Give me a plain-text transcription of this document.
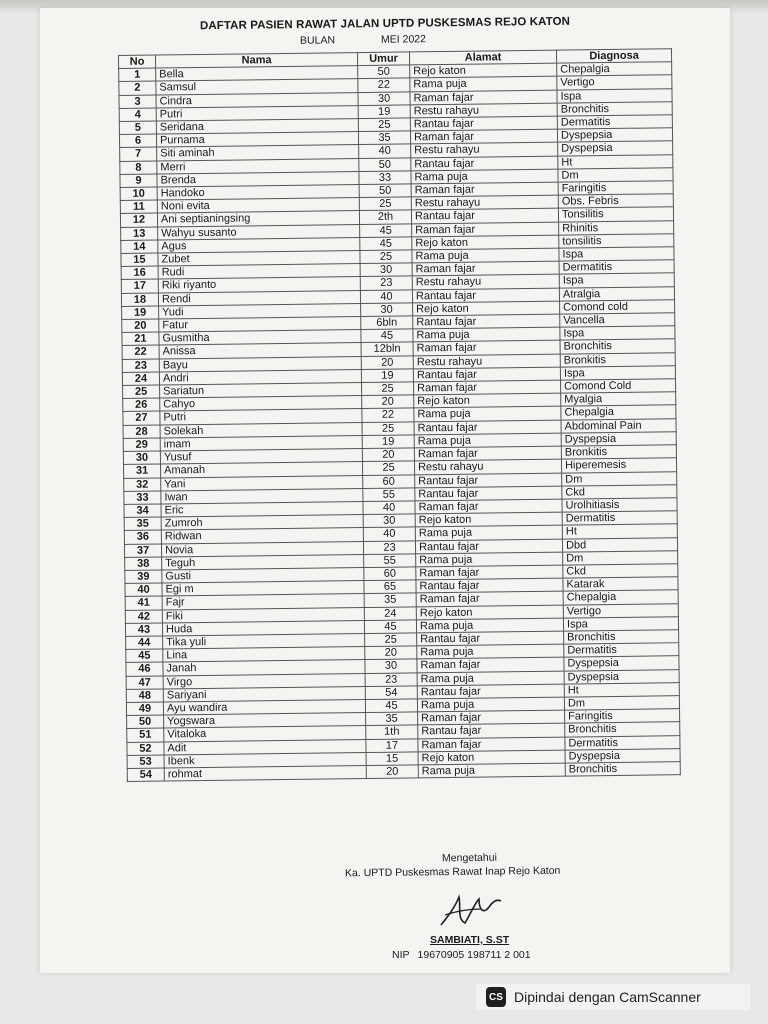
DAFTAR PASIEN RAWAT JALAN UPTD PUSKESMAS REJO KATON
BULAN	MEI 2022
No	Nama	Umur	Alamat	Diagnosa
1	Bella	50	Rejo katon	Chepalgia
2	Samsul	22	Rama puja	Vertigo
3	Cindra	30	Raman fajar	Ispa
4	Putri	19	Restu rahayu	Bronchitis
5	Seridana	25	Rantau fajar	Dermatitis
6	Purnama	35	Raman fajar	Dyspepsia
7	Siti aminah	40	Restu rahayu	Dyspepsia
8	Merri	50	Rantau fajar	Ht
9	Brenda	33	Rama puja	Dm
10	Handoko	50	Raman fajar	Faringitis
11	Noni evita	25	Restu rahayu	Obs. Febris
12	Ani septianingsing	2th	Rantau fajar	Tonsilitis
13	Wahyu susanto	45	Raman fajar	Rhinitis
14	Agus	45	Rejo katon	tonsilitis
15	Zubet	25	Rama puja	Ispa
16	Rudi	30	Raman fajar	Dermatitis
17	Riki riyanto	23	Restu rahayu	Ispa
18	Rendi	40	Rantau fajar	Atralgia
19	Yudi	30	Rejo katon	Comond cold
20	Fatur	6bln	Rantau fajar	Vancella
21	Gusmitha	45	Rama puja	Ispa
22	Anissa	12bln	Raman fajar	Bronchitis
23	Bayu	20	Restu rahayu	Bronkitis
24	Andri	19	Rantau fajar	Ispa
25	Sariatun	25	Raman fajar	Comond Cold
26	Cahyo	20	Rejo katon	Myalgia
27	Putri	22	Rama puja	Chepalgia
28	Solekah	25	Rantau fajar	Abdominal Pain
29	imam	19	Rama puja	Dyspepsia
30	Yusuf	20	Raman fajar	Bronkitis
31	Amanah	25	Restu rahayu	Hiperemesis
32	Yani	60	Rantau fajar	Dm
33	Iwan	55	Rantau fajar	Ckd
34	Eric	40	Raman fajar	Urolhitiasis
35	Zumroh	30	Rejo katon	Dermatitis
36	Ridwan	40	Rama puja	Ht
37	Novia	23	Rantau fajar	Dbd
38	Teguh	55	Rama puja	Dm
39	Gusti	60	Raman fajar	Ckd
40	Egi m	65	Rantau fajar	Katarak
41	Fajr	35	Raman fajar	Chepalgia
42	Fiki	24	Rejo katon	Vertigo
43	Huda	45	Rama puja	Ispa
44	Tika yuli	25	Rantau fajar	Bronchitis
45	Lina	20	Rama puja	Dermatitis
46	Janah	30	Raman fajar	Dyspepsia
47	Virgo	23	Rama puja	Dyspepsia
48	Sariyani	54	Rantau fajar	Ht
49	Ayu wandira	45	Rama puja	Dm
50	Yogswara	35	Raman fajar	Faringitis
51	Vitaloka	1th	Rantau fajar	Bronchitis
52	Adit	17	Raman fajar	Dermatitis
53	Ibenk	15	Rejo katon	Dyspepsia
54	rohmat	20	Rama puja	Bronchitis
Mengetahui
Ka. UPTD Puskesmas Rawat Inap Rejo Katon
SAMBIATI, S.ST
NIP 19670905 198711 2 001
CS Dipindai dengan CamScanner
